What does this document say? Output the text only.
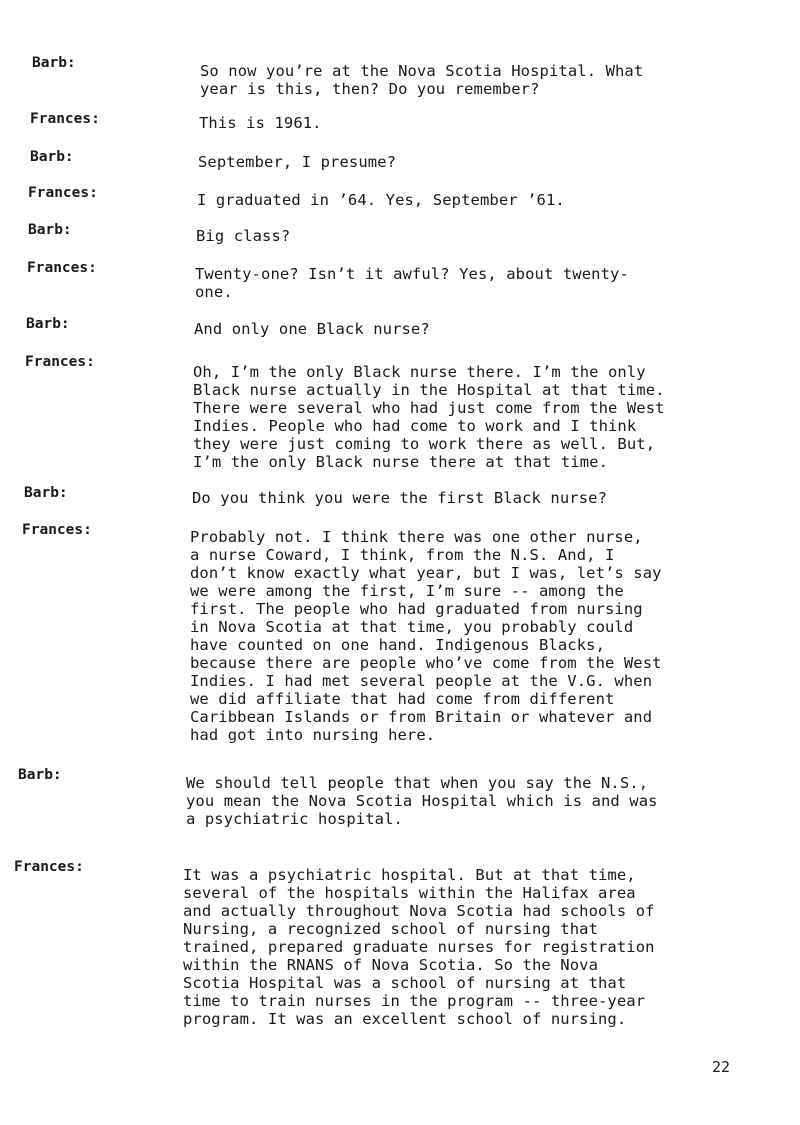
Barb:	So now you’re at the Nova Scotia Hospital. What
year is this, then? Do you remember?
Frances:	This is 1961.
Barb:	September, I presume?
Frances:	I graduated in ’64. Yes, September ’61.
Barb:	Big class?
Frances:	Twenty-one? Isn’t it awful? Yes, about twenty-
one.
Barb:	And only one Black nurse?
Frances:
Oh, I’m the only Black nurse there. I’m the only
Black nurse actually in the Hospital at that time.
There were several who had just come from the West
Indies. People who had come to work and I think
they were just coming to work there as well. But,
I’m the only Black nurse there at that time.
Barb:	Do you think you were the first Black nurse?
Frances:	Probably not. I think there was one other nurse,
a nurse Coward, I think, from the N.S. And, I
don’t know exactly what year, but I was, let’s say
we were among the first, I’m sure -- among the
first. The people who had graduated from nursing
in Nova Scotia at that time, you probably could
have counted on one hand. Indigenous Blacks,
because there are people who’ve come from the West
Indies. I had met several people at the V.G. when
we did affiliate that had come from different
Caribbean Islands or from Britain or whatever and
had got into nursing here.
Barb:	We should tell people that when you say the N.S.,
you mean the Nova Scotia Hospital which is and was
a psychiatric hospital.
Frances:	It was a psychiatric hospital. But at that time,
several of the hospitals within the Halifax area
and actually throughout Nova Scotia had schools of
Nursing, a recognized school of nursing that
trained, prepared graduate nurses for registration
within the RNANS of Nova Scotia. So the Nova
Scotia Hospital was a school of nursing at that
time to train nurses in the program -- three-year
program. It was an excellent school of nursing.
22
